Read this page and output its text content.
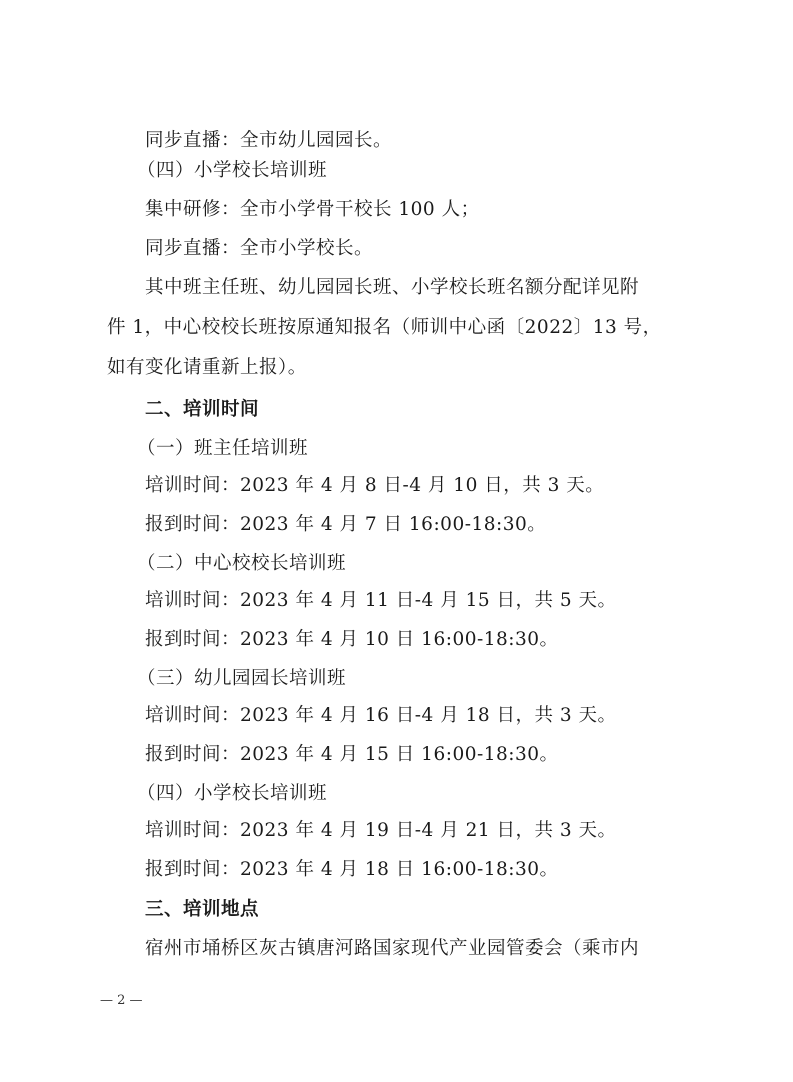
同步直播：全市幼儿园园长。
（四）小学校长培训班
集中研修：全市小学骨干校长 100 人；
同步直播：全市小学校长。
其中班主任班、幼儿园园长班、小学校长班名额分配详见附
件 1，中心校校长班按原通知报名（师训中心函〔2022〕13 号，
如有变化请重新上报）。
二、培训时间
（一）班主任培训班
培训时间：2023 年 4 月 8 日-4 月 10 日，共 3 天。
报到时间：2023 年 4 月 7 日 16:00-18:30。
（二）中心校校长培训班
培训时间：2023 年 4 月 11 日-4 月 15 日，共 5 天。
报到时间：2023 年 4 月 10 日 16:00-18:30。
（三）幼儿园园长培训班
培训时间：2023 年 4 月 16 日-4 月 18 日，共 3 天。
报到时间：2023 年 4 月 15 日 16:00-18:30。
（四）小学校长培训班
培训时间：2023 年 4 月 19 日-4 月 21 日，共 3 天。
报到时间：2023 年 4 月 18 日 16:00-18:30。
三、培训地点
宿州市埇桥区灰古镇唐河路国家现代产业园管委会（乘市内
— 2 —
